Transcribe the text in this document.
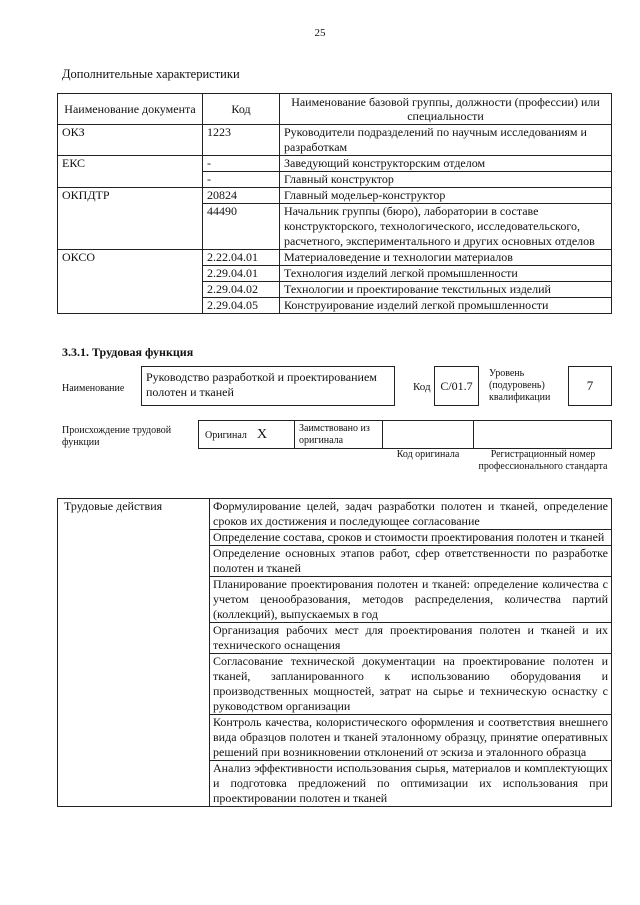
25
Дополнительные характеристики
Наименование документа	Код	Наименование базовой группы, должности (профессии) или специальности
ОКЗ	1223	Руководители подразделений по научным исследованиям и разработкам
ЕКС	-	Заведующий конструкторским отделом
	-	Главный конструктор
ОКПДТР	20824	Главный модельер-конструктор
	44490	Начальник группы (бюро), лаборатории в составе конструкторского, технологического, исследовательского, расчетного, экспериментального и других основных отделов
ОКСО	2.22.04.01	Материаловедение и технологии материалов
	2.29.04.01	Технология изделий легкой промышленности
	2.29.04.02	Технологии и проектирование текстильных изделий
	2.29.04.05	Конструирование изделий легкой промышленности
3.3.1. Трудовая функция
Наименование
Руководство разработкой и проектированием полотен и тканей	Код С/01.7
Уровень (подуровень) квалификации
7
Происхождение трудовой функции
Оригинал Х	Заимствовано из оригинала
Код оригинала	Регистрационный номер профессионального стандарта
Трудовые действия	Формулирование целей, задач разработки полотен и тканей, определение сроков их достижения и последующее согласование
Определение состава, сроков и стоимости проектирования полотен и тканей
Определение основных этапов работ, сфер ответственности по разработке полотен и тканей
Планирование проектирования полотен и тканей: определение количества с учетом ценообразования, методов распределения, количества партий (коллекций), выпускаемых в год
Организация рабочих мест для проектирования полотен и тканей и их технического оснащения
Согласование технической документации на проектирование полотен и тканей, запланированного к использованию оборудования и производственных мощностей, затрат на сырье и техническую оснастку с руководством организации
Контроль качества, колористического оформления и соответствия внешнего вида образцов полотен и тканей эталонному образцу, принятие оперативных решений при возникновении отклонений от эскиза и эталонного образца
Анализ эффективности использования сырья, материалов и комплектующих и подготовка предложений по оптимизации их использования при проектировании полотен и тканей
